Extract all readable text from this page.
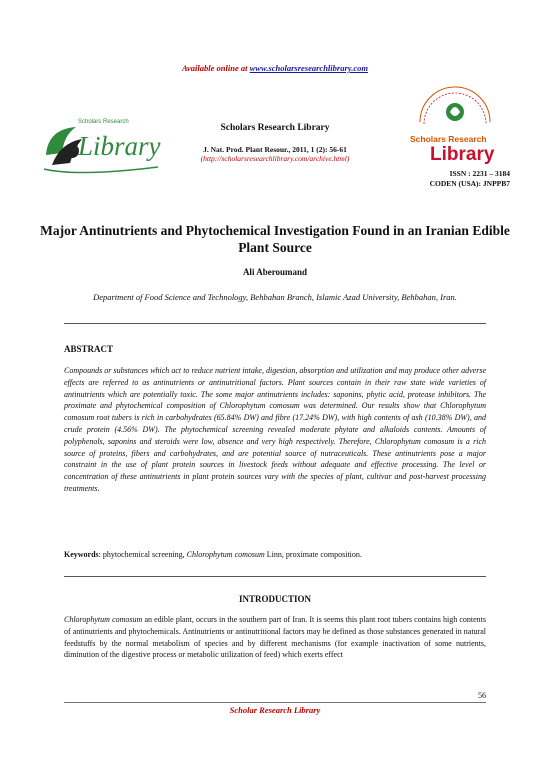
Available online at www.scholarsresearchlibrary.com
Scholars Research
Library
Scholars Research Library
J. Nat. Prod. Plant Resour., 2011, 1 (2): 56-61
(http://scholarsresearchlibrary.com/archive.html)
Scholars Research
Library
ISSN : 2231 – 3184
CODEN (USA): JNPPB7
Major Antinutrients and Phytochemical Investigation Found in an Iranian Edible Plant Source
Ali Aberoumand
Department of Food Science and Technology, Behbahan Branch, Islamic Azad University, Behbahan, Iran.
ABSTRACT
Compounds or substances which act to reduce nutrient intake, digestion, absorption and utilization and may produce other adverse effects are referred to as antinutrients or antinutritional factors. Plant sources contain in their raw state wide varieties of antinutrients which are potentially toxic. The some major antinutrients includes: saponins, phytic acid, protease inhibitors. The proximate and phytochemical composition of Chlorophytum comosum was determined. Our results show that Chlorophytum comosum root tubers is rich in carbohydrates (65.84% DW) and fibre (17.24% DW), with high contents of ash (10.38% DW), and crude protein (4.56% DW). The phytochemical screening revealed moderate phytate and alkaloids contents. Amounts of polyphenols, saponins and steroids were low, absence and very high respectively. Therefore, Chlorophytum comosum is a rich source of proteins, fibers and carbohydrates, and are potential source of nutraceuticals. These antinutrients pose a major constraint in the use of plant protein sources in livestock feeds without adequate and effective processing. The level or concentration of these antinutrients in plant protein sources vary with the species of plant, cultivar and post-harvest processing treatments.
Keywords: phytochemical screening, Chlorophytum comosum Linn, proximate composition.
INTRODUCTION
Chlorophytum comosum an edible plant, occurs in the southern part of Iran. It is seems this plant root tubers contains high contents of antinutrients and phytochemicals. Antinutrients or antinutritional factors may be defined as those substances generated in natural feedstuffs by the normal metabolism of species and by different mechanisms (for example inactivation of some nutrients, diminution of the digestive process or metabolic utilization of feed) which exerts effect
56
Scholar Research Library
